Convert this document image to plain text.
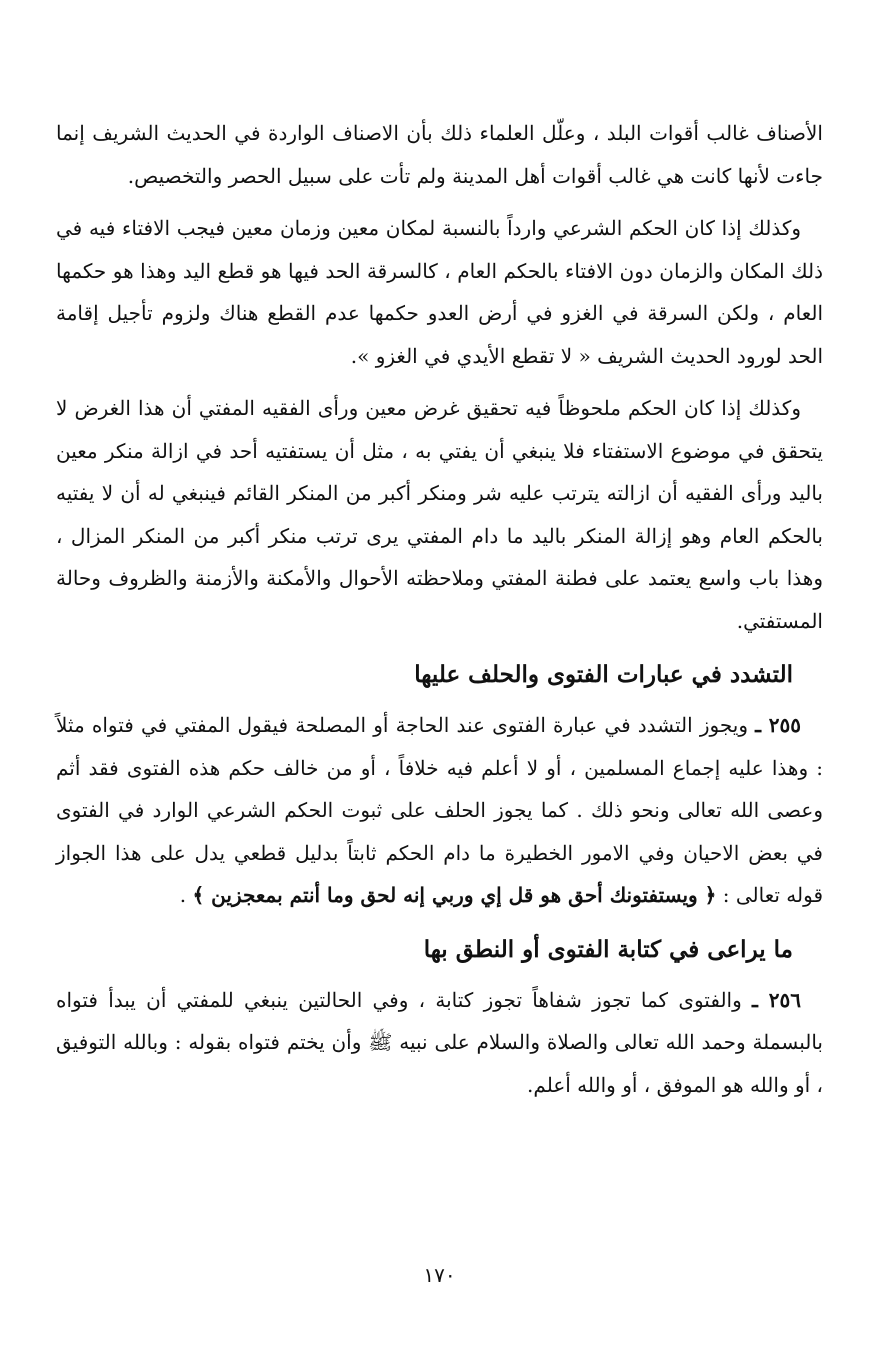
الأصناف غالب أقوات البلد ، وعلّل العلماء ذلك بأن الاصناف الواردة في الحديث الشريف إنما جاءت لأنها كانت هي غالب أقوات أهل المدينة ولم تأت على سبيل الحصر والتخصيص.

وكذلك إذا كان الحكم الشرعي وارداً بالنسبة لمكان معين وزمان معين فيجب الافتاء فيه في ذلك المكان والزمان دون الافتاء بالحكم العام ، كالسرقة الحد فيها هو قطع اليد وهذا هو حكمها العام ، ولكن السرقة في الغزو في أرض العدو حكمها عدم القطع هناك ولزوم تأجيل إقامة الحد لورود الحديث الشريف « لا تقطع الأيدي في الغزو ».

وكذلك إذا كان الحكم ملحوظاً فيه تحقيق غرض معين ورأى الفقيه المفتي أن هذا الغرض لا يتحقق في موضوع الاستفتاء فلا ينبغي أن يفتي به ، مثل أن يستفتيه أحد في ازالة منكر معين باليد ورأى الفقيه أن ازالته يترتب عليه شر ومنكر أكبر من المنكر القائم فينبغي له أن لا يفتيه بالحكم العام وهو إزالة المنكر باليد ما دام المفتي يرى ترتب منكر أكبر من المنكر المزال ، وهذا باب واسع يعتمد على فطنة المفتي وملاحظته الأحوال والأمكنة والأزمنة والظروف وحالة المستفتي.

التشدد في عبارات الفتوى والحلف عليها

٢٥٥ ـ ويجوز التشدد في عبارة الفتوى عند الحاجة أو المصلحة فيقول المفتي في فتواه مثلاً : وهذا عليه إجماع المسلمين ، أو لا أعلم فيه خلافاً ، أو من خالف حكم هذه الفتوى فقد أثم وعصى الله تعالى ونحو ذلك . كما يجوز الحلف على ثبوت الحكم الشرعي الوارد في الفتوى في بعض الاحيان وفي الامور الخطيرة ما دام الحكم ثابتاً بدليل قطعي يدل على هذا الجواز قوله تعالى : ﴿ ويستفتونك أحق هو قل إي وربي إنه لحق وما أنتم بمعجزين ﴾ .

ما يراعى في كتابة الفتوى أو النطق بها

٢٥٦ ـ والفتوى كما تجوز شفاهاً تجوز كتابة ، وفي الحالتين ينبغي للمفتي أن يبدأ فتواه بالبسملة وحمد الله تعالى والصلاة والسلام على نبيه ﷺ وأن يختم فتواه بقوله : وبالله التوفيق ، أو والله هو الموفق ، أو والله أعلم.

١٧٠
